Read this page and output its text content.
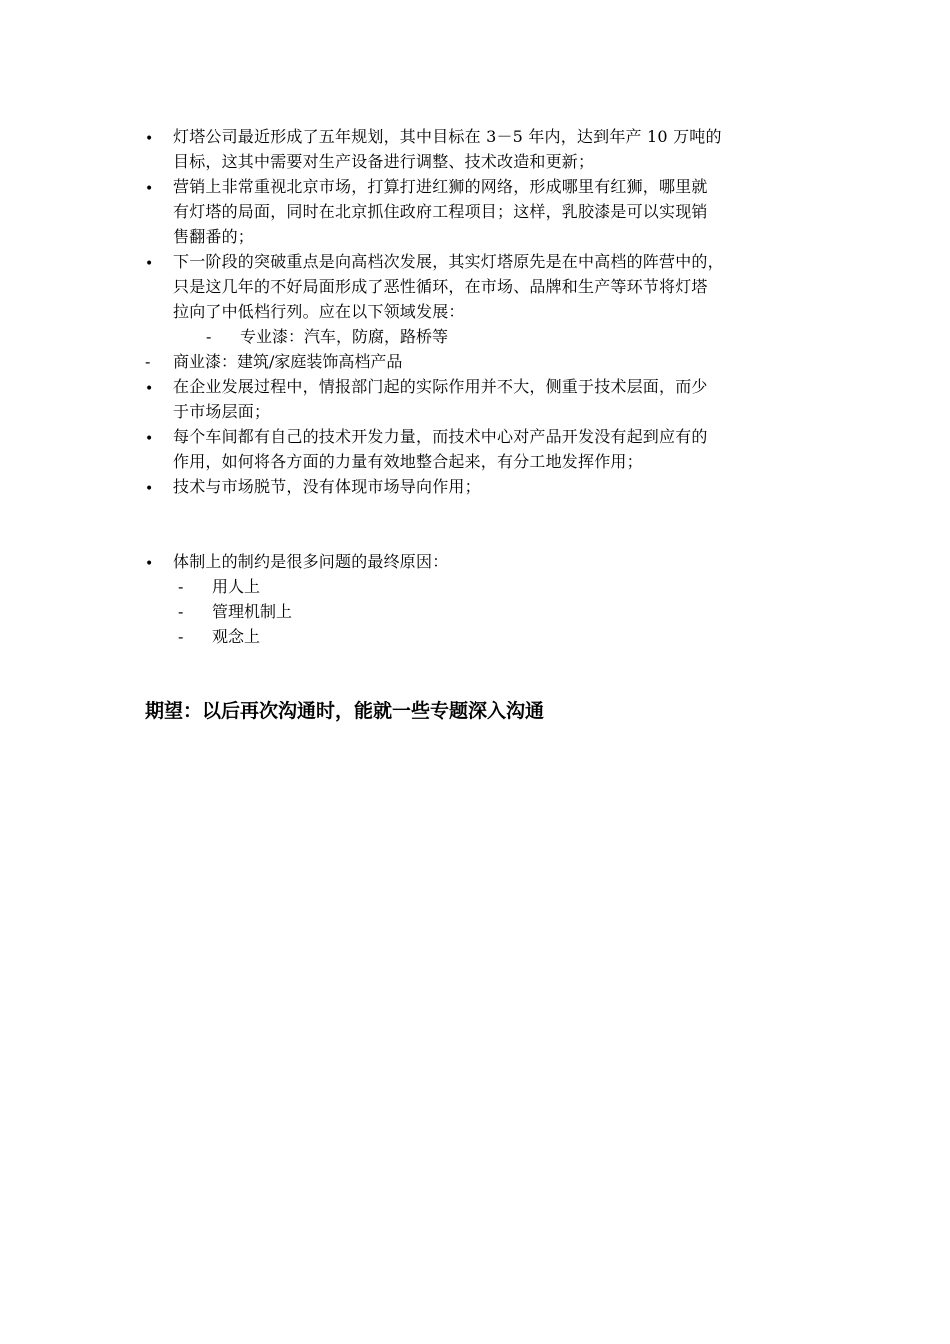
•	灯塔公司最近形成了五年规划，其中目标在 3－5 年内，达到年产 10 万吨的
目标，这其中需要对生产设备进行调整、技术改造和更新；
•	营销上非常重视北京市场，打算打进红狮的网络，形成哪里有红狮，哪里就
有灯塔的局面，同时在北京抓住政府工程项目；这样，乳胶漆是可以实现销
售翻番的；
•	下一阶段的突破重点是向高档次发展，其实灯塔原先是在中高档的阵营中的，
只是这几年的不好局面形成了恶性循环，在市场、品牌和生产等环节将灯塔
拉向了中低档行列。应在以下领域发展：
- 专业漆：汽车，防腐，路桥等
- 商业漆：建筑/家庭装饰高档产品
•	在企业发展过程中，情报部门起的实际作用并不大，侧重于技术层面，而少
于市场层面；
•	每个车间都有自己的技术开发力量，而技术中心对产品开发没有起到应有的
作用，如何将各方面的力量有效地整合起来，有分工地发挥作用；
•	技术与市场脱节，没有体现市场导向作用；
•	体制上的制约是很多问题的最终原因：
- 用人上
- 管理机制上
- 观念上
期望：以后再次沟通时，能就一些专题深入沟通
